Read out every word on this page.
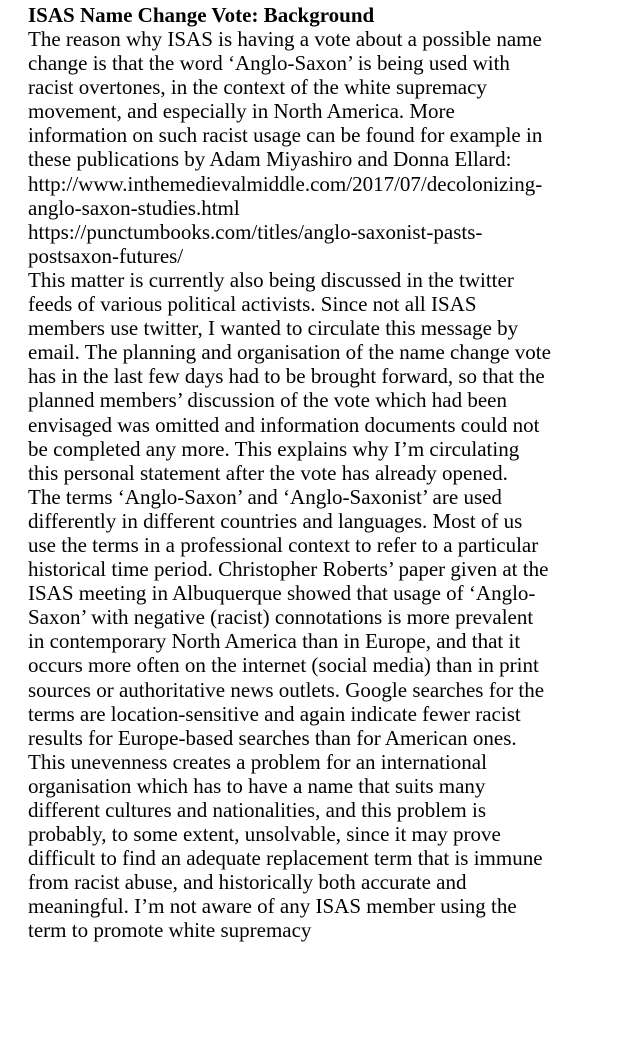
ISAS Name Change Vote: Background

The reason why ISAS is having a vote about a possible name

change is that the word ‘Anglo-Saxon’ is being used with

racist overtones, in the context of the white supremacy

movement, and especially in North America. More

information on such racist usage can be found for example in

these publications by Adam Miyashiro and Donna Ellard:

http://www.inthemedievalmiddle.com/2017/07/decolonizing-

anglo-saxon-studies.html

https://punctumbooks.com/titles/anglo-saxonist-pasts-

postsaxon-futures/

This matter is currently also being discussed in the twitter

feeds of various political activists. Since not all ISAS

members use twitter, I wanted to circulate this message by

email. The planning and organisation of the name change vote

has in the last few days had to be brought forward, so that the

planned members’ discussion of the vote which had been

envisaged was omitted and information documents could not

be completed any more. This explains why I’m circulating

this personal statement after the vote has already opened.

The terms ‘Anglo-Saxon’ and ‘Anglo-Saxonist’ are used

differently in different countries and languages. Most of us

use the terms in a professional context to refer to a particular

historical time period. Christopher Roberts’ paper given at the

ISAS meeting in Albuquerque showed that usage of ‘Anglo-

Saxon’ with negative (racist) connotations is more prevalent

in contemporary North America than in Europe, and that it

occurs more often on the internet (social media) than in print

sources or authoritative news outlets. Google searches for the

terms are location-sensitive and again indicate fewer racist

results for Europe-based searches than for American ones.

This unevenness creates a problem for an international

organisation which has to have a name that suits many

different cultures and nationalities, and this problem is

probably, to some extent, unsolvable, since it may prove

difficult to find an adequate replacement term that is immune

from racist abuse, and historically both accurate and

meaningful. I’m not aware of any ISAS member using the

term to promote white supremacy
